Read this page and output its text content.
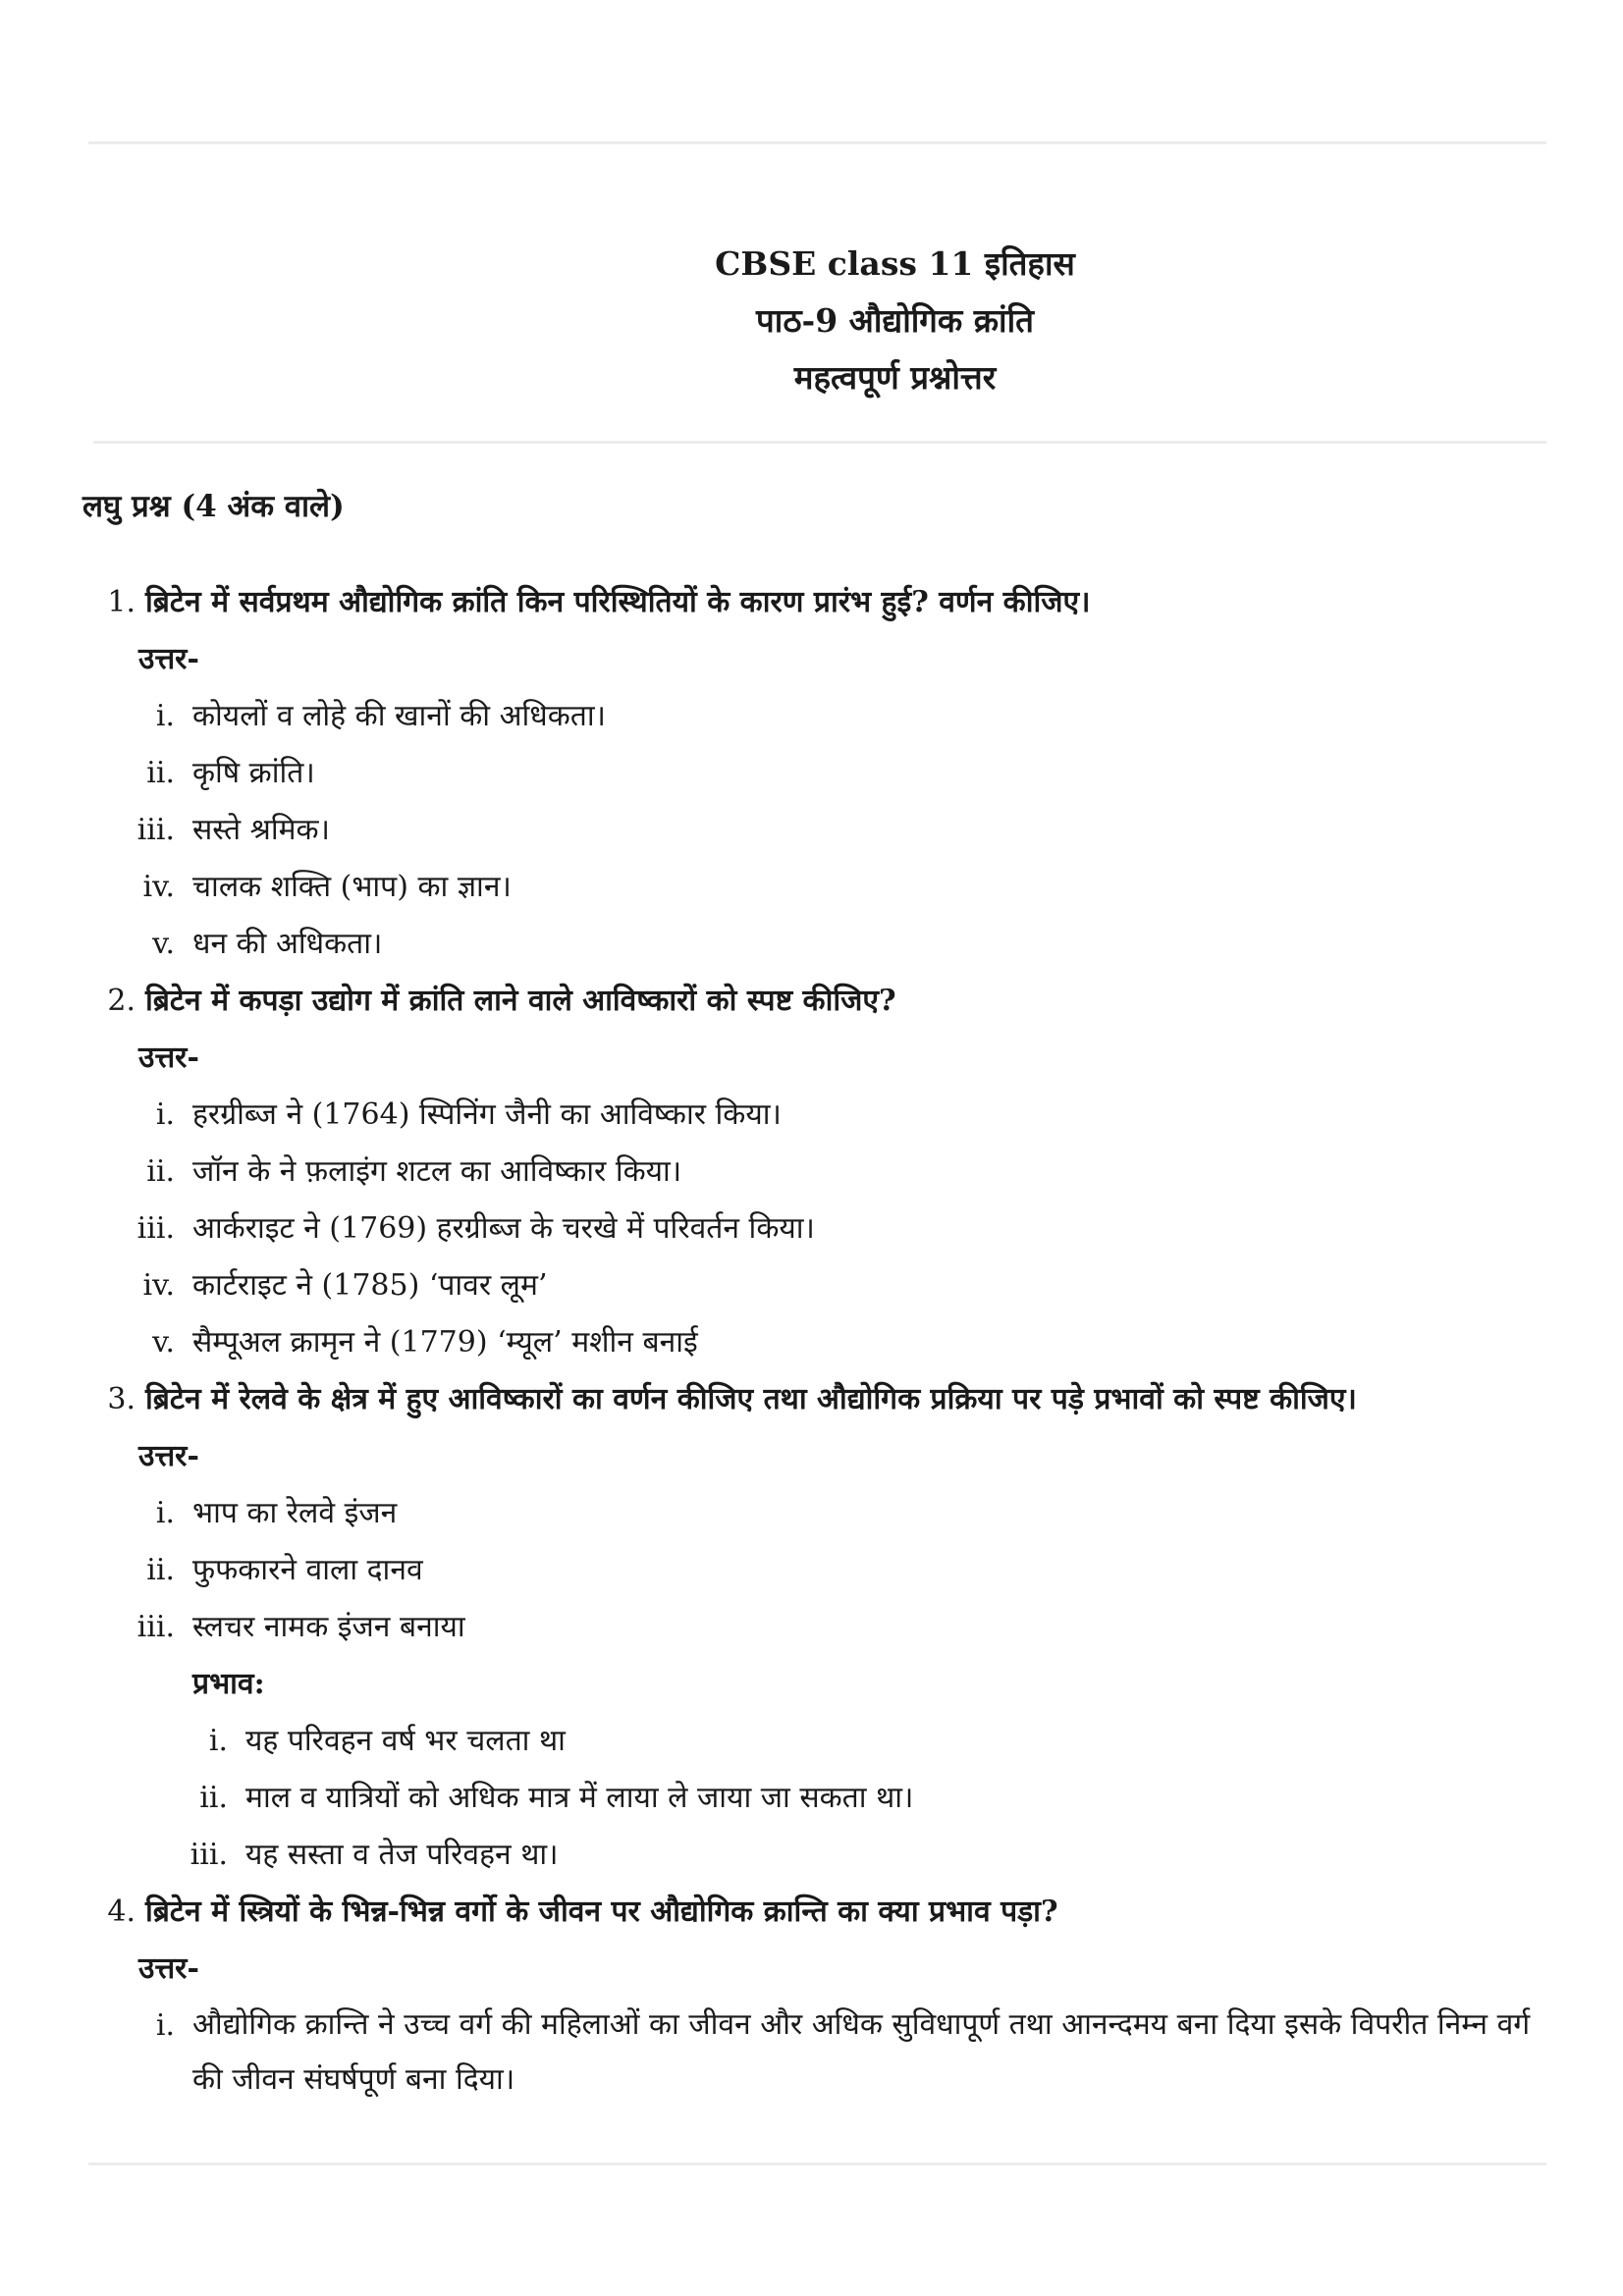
CBSE class 11 इतिहास
पाठ-9 औद्योगिक क्रांति
महत्वपूर्ण प्रश्नोत्तर
लघु प्रश्न (4 अंक वाले)
1. ब्रिटेन में सर्वप्रथम औद्योगिक क्रांति किन परिस्थितियों के कारण प्रारंभ हुई? वर्णन कीजिए।
उत्तर-
i. कोयलों व लोहे की खानों की अधिकता।
ii. कृषि क्रांति।
iii. सस्ते श्रमिक।
iv. चालक शक्ति (भाप) का ज्ञान।
v. धन की अधिकता।
2. ब्रिटेन में कपड़ा उद्योग में क्रांति लाने वाले आविष्कारों को स्पष्ट कीजिए?
उत्तर-
i. हरग्रीब्ज ने (1764) स्पिनिंग जैनी का आविष्कार किया।
ii. जॉन के ने फ़लाइंग शटल का आविष्कार किया।
iii. आर्कराइट ने (1769) हरग्रीब्ज के चरखे में परिवर्तन किया।
iv. कार्टराइट ने (1785) ‘पावर लूम’
v. सैम्पूअल क्रामृन ने (1779) ‘म्यूल’ मशीन बनाई
3. ब्रिटेन में रेलवे के क्षेत्र में हुए आविष्कारों का वर्णन कीजिए तथा औद्योगिक प्रक्रिया पर पड़े प्रभावों को स्पष्ट कीजिए।
उत्तर-
i. भाप का रेलवे इंजन
ii. फुफकारने वाला दानव
iii. स्लचर नामक इंजन बनाया
प्रभाव:
i. यह परिवहन वर्ष भर चलता था
ii. माल व यात्रियों को अधिक मात्र में लाया ले जाया जा सकता था।
iii. यह सस्ता व तेज परिवहन था।
4. ब्रिटेन में स्त्रियों के भिन्न-भिन्न वर्गो के जीवन पर औद्योगिक क्रान्ति का क्या प्रभाव पड़ा?
उत्तर-
i. औद्योगिक क्रान्ति ने उच्च वर्ग की महिलाओं का जीवन और अधिक सुविधापूर्ण तथा आनन्दमय बना दिया इसके विपरीत निम्न वर्ग की जीवन संघर्षपूर्ण बना दिया।
